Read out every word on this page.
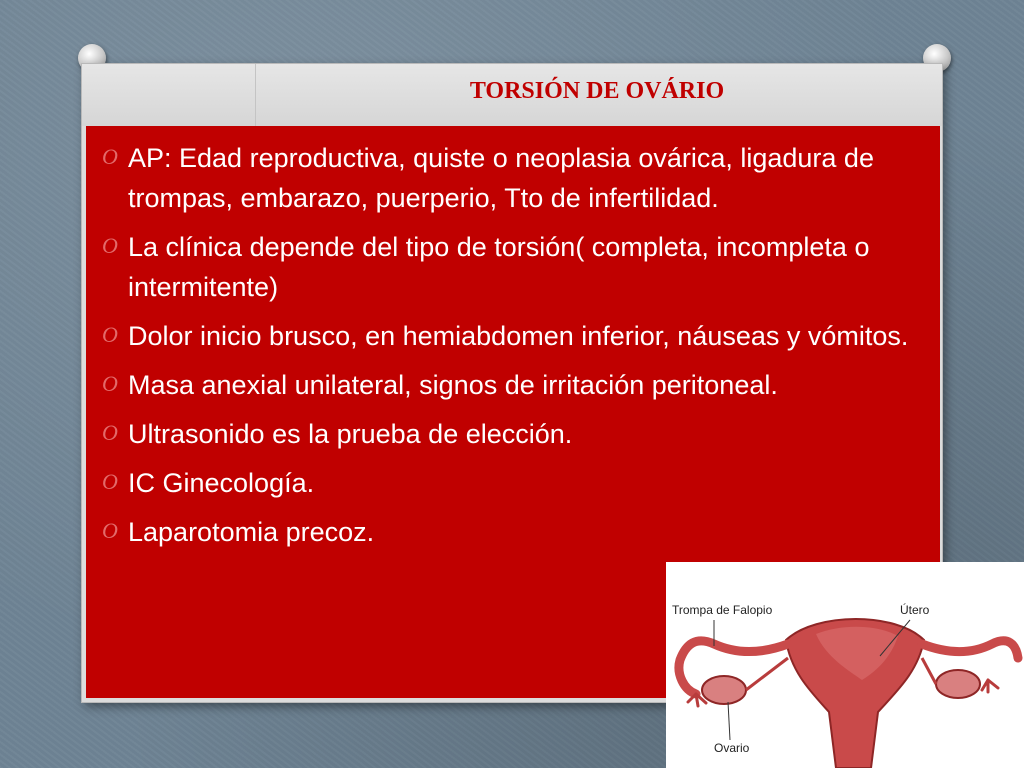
TORSIÓN DE OVÁRIO
O AP: Edad reproductiva, quiste o neoplasia ovárica, ligadura de trompas, embarazo, puerperio, Tto de infertilidad.
O La clínica depende del tipo de torsión( completa, incompleta o intermitente)
O Dolor inicio brusco, en hemiabdomen inferior, náuseas y vómitos.
O Masa anexial unilateral, signos de irritación peritoneal.
O Ultrasonido es la prueba de elección.
O IC Ginecología.
O Laparotomia precoz.
Trompa de Falopio	Útero
Ovario
